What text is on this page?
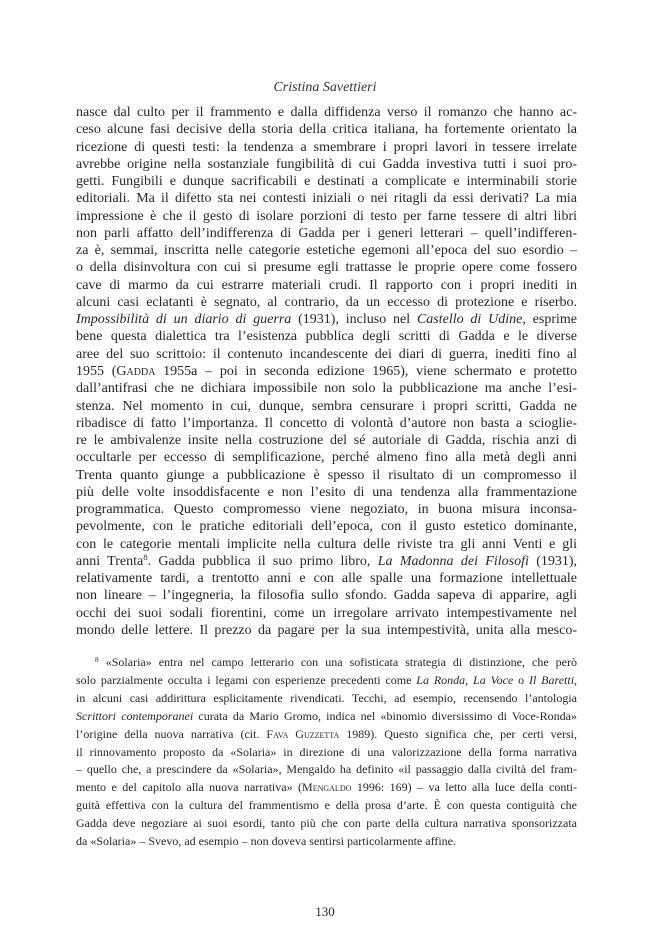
Cristina Savettieri
nasce dal culto per il frammento e dalla diffidenza verso il romanzo che hanno ac-
ceso alcune fasi decisive della storia della critica italiana, ha fortemente orientato la
ricezione di questi testi: la tendenza a smembrare i propri lavori in tessere irrelate
avrebbe origine nella sostanziale fungibilità di cui Gadda investiva tutti i suoi pro-
getti. Fungibili e dunque sacrificabili e destinati a complicate e interminabili storie
editoriali. Ma il difetto sta nei contesti iniziali o nei ritagli da essi derivati? La mia
impressione è che il gesto di isolare porzioni di testo per farne tessere di altri libri
non parli affatto dell’indifferenza di Gadda per i generi letterari – quell’indifferen-
za è, semmai, inscritta nelle categorie estetiche egemoni all’epoca del suo esordio –
o della disinvoltura con cui si presume egli trattasse le proprie opere come fossero
cave di marmo da cui estrarre materiali crudi. Il rapporto con i propri inediti in
alcuni casi eclatanti è segnato, al contrario, da un eccesso di protezione e riserbo.
Impossibilità di un diario di guerra (1931), incluso nel Castello di Udine, esprime
bene questa dialettica tra l’esistenza pubblica degli scritti di Gadda e le diverse
aree del suo scrittoio: il contenuto incandescente dei diari di guerra, inediti fino al
1955 (Gadda 1955a – poi in seconda edizione 1965), viene schermato e protetto
dall’antifrasi che ne dichiara impossibile non solo la pubblicazione ma anche l’esi-
stenza. Nel momento in cui, dunque, sembra censurare i propri scritti, Gadda ne
ribadisce di fatto l’importanza. Il concetto di volontà d’autore non basta a scioglie-
re le ambivalenze insite nella costruzione del sé autoriale di Gadda, rischia anzi di
occultarle per eccesso di semplificazione, perché almeno fino alla metà degli anni
Trenta quanto giunge a pubblicazione è spesso il risultato di un compromesso il
più delle volte insoddisfacente e non l’esito di una tendenza alla frammentazione
programmatica. Questo compromesso viene negoziato, in buona misura inconsa-
pevolmente, con le pratiche editoriali dell’epoca, con il gusto estetico dominante,
con le categorie mentali implicite nella cultura delle riviste tra gli anni Venti e gli
anni Trenta$^8$. Gadda pubblica il suo primo libro, La Madonna dei Filosofi (1931),
relativamente tardi, a trentotto anni e con alle spalle una formazione intellettuale
non lineare – l’ingegneria, la filosofia sullo sfondo. Gadda sapeva di apparire, agli
occhi dei suoi sodali fiorentini, come un irregolare arrivato intempestivamente nel
mondo delle lettere. Il prezzo da pagare per la sua intempestività, unita alla mesco-
$^8$ «Solaria» entra nel campo letterario con una sofisticata strategia di distinzione, che però
solo parzialmente occulta i legami con esperienze precedenti come La Ronda, La Voce o Il Baretti,
in alcuni casi addirittura esplicitamente rivendicati. Tecchi, ad esempio, recensendo l’antologia
Scrittori contemporanei curata da Mario Gromo, indica nel «binomio diversissimo di Voce-Ronda»
l’origine della nuova narrativa (cit. Fava Guzzetta 1989). Questo significa che, per certi versi,
il rinnovamento proposto da «Solaria» in direzione di una valorizzazione della forma narrativa
– quello che, a prescindere da «Solaria», Mengaldo ha definito «il passaggio dalla civiltà del fram-
mento e del capitolo alla nuova narrativa» (Mengaldo 1996: 169) – va letto alla luce della conti-
guità effettiva con la cultura del frammentismo e della prosa d’arte. È con questa contiguità che
Gadda deve negoziare ai suoi esordi, tanto più che con parte della cultura narrativa sponsorizzata
da «Solaria» – Svevo, ad esempio – non doveva sentirsi particolarmente affine.
130
